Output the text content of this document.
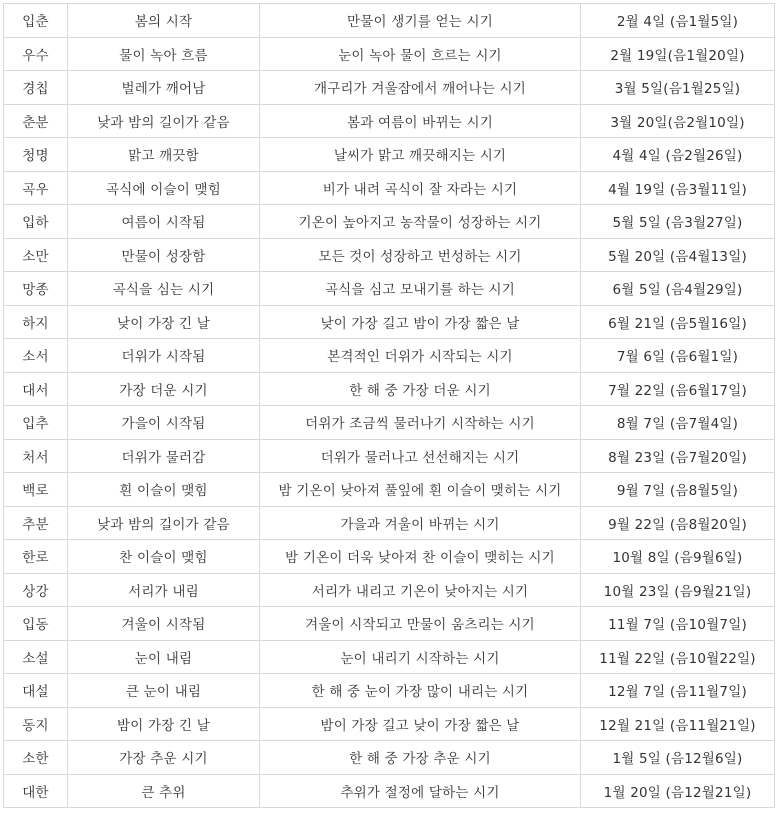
입춘	봄의 시작	만물이 생기를 얻는 시기	2월 4일 (음1월5일)
우수	물이 녹아 흐름	눈이 녹아 물이 흐르는 시기	2월 19일(음1월20일)
경칩	벌레가 깨어남	개구리가 겨울잠에서 깨어나는 시기	3월 5일(음1월25일)
춘분	낮과 밤의 길이가 같음	봄과 여름이 바뀌는 시기	3월 20일(음2월10일)
청명	맑고 깨끗함	날씨가 맑고 깨끗해지는 시기	4월 4일 (음2월26일)
곡우	곡식에 이슬이 맺힘	비가 내려 곡식이 잘 자라는 시기	4월 19일 (음3월11일)
입하	여름이 시작됨	기온이 높아지고 농작물이 성장하는 시기	5월 5일 (음3월27일)
소만	만물이 성장함	모든 것이 성장하고 번성하는 시기	5월 20일 (음4월13일)
망종	곡식을 심는 시기	곡식을 심고 모내기를 하는 시기	6월 5일 (음4월29일)
하지	낮이 가장 긴 날	낮이 가장 길고 밤이 가장 짧은 날	6월 21일 (음5월16일)
소서	더위가 시작됨	본격적인 더위가 시작되는 시기	7월 6일 (음6월1일)
대서	가장 더운 시기	한 해 중 가장 더운 시기	7월 22일 (음6월17일)
입추	가을이 시작됨	더위가 조금씩 물러나기 시작하는 시기	8월 7일 (음7월4일)
처서	더위가 물러감	더위가 물러나고 선선해지는 시기	8월 23일 (음7월20일)
백로	흰 이슬이 맺힘	밤 기온이 낮아져 풀잎에 흰 이슬이 맺히는 시기	9월 7일 (음8월5일)
추분	낮과 밤의 길이가 같음	가을과 겨울이 바뀌는 시기	9월 22일 (음8월20일)
한로	찬 이슬이 맺힘	밤 기온이 더욱 낮아져 찬 이슬이 맺히는 시기	10월 8일 (음9월6일)
상강	서리가 내림	서리가 내리고 기온이 낮아지는 시기	10월 23일 (음9월21일)
입동	겨울이 시작됨	겨울이 시작되고 만물이 움츠리는 시기	11월 7일 (음10월7일)
소설	눈이 내림	눈이 내리기 시작하는 시기	11월 22일 (음10월22일)
대설	큰 눈이 내림	한 해 중 눈이 가장 많이 내리는 시기	12월 7일 (음11월7일)
동지	밤이 가장 긴 날	밤이 가장 길고 낮이 가장 짧은 날	12월 21일 (음11월21일)
소한	가장 추운 시기	한 해 중 가장 추운 시기	1월 5일 (음12월6일)
대한	큰 추위	추위가 절정에 달하는 시기	1월 20일 (음12월21일)
